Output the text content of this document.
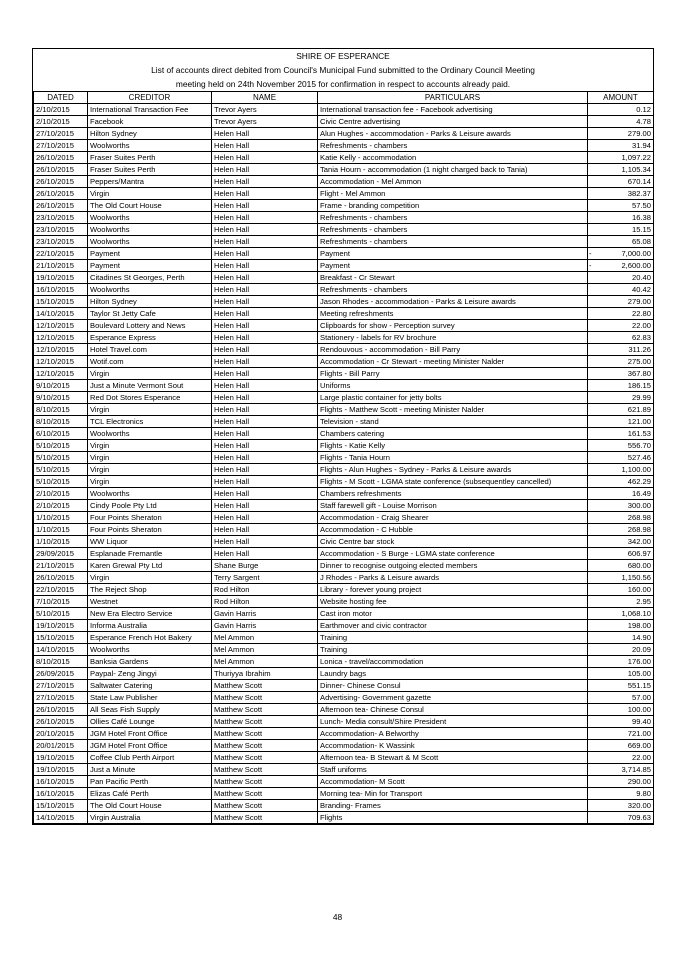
SHIRE OF ESPERANCE
List of accounts direct debited from Council's Municipal Fund submitted to the Ordinary Council Meeting
meeting held on 24th November 2015 for confirmation in respect to accounts already paid.
DATED	CREDITOR	NAME	PARTICULARS	AMOUNT
2/10/2015	International Transaction Fee	Trevor Ayers	International transaction fee - Facebook advertising	0.12
2/10/2015	Facebook	Trevor Ayers	Civic Centre advertising	4.78
27/10/2015	Hilton Sydney	Helen Hall	Alun Hughes - accommodation - Parks & Leisure awards	279.00
27/10/2015	Woolworths	Helen Hall	Refreshments - chambers	31.94
26/10/2015	Fraser Suites Perth	Helen Hall	Katie Kelly - accommodation	1,097.22
26/10/2015	Fraser Suites Perth	Helen Hall	Tania Hourn - accommodation (1 night charged back to Tania)	1,105.34
26/10/2015	Peppers/Mantra	Helen Hall	Accommodation - Mel Ammon	670.14
26/10/2015	Virgin	Helen Hall	Flight - Mel Ammon	382.37
26/10/2015	The Old Court House	Helen Hall	Frame - branding competition	57.50
23/10/2015	Woolworths	Helen Hall	Refreshments - chambers	16.38
23/10/2015	Woolworths	Helen Hall	Refreshments - chambers	15.15
23/10/2015	Woolworths	Helen Hall	Refreshments - chambers	65.08
22/10/2015	Payment	Helen Hall	Payment	- 7,000.00
21/10/2015	Payment	Helen Hall	Payment	- 2,600.00
19/10/2015	Citadines St Georges, Perth	Helen Hall	Breakfast - Cr Stewart	20.40
16/10/2015	Woolworths	Helen Hall	Refreshments - chambers	40.42
15/10/2015	Hilton Sydney	Helen Hall	Jason Rhodes - accommodation - Parks & Leisure awards	279.00
14/10/2015	Taylor St Jetty Cafe	Helen Hall	Meeting refreshments	22.80
12/10/2015	Boulevard Lottery and News	Helen Hall	Clipboards for show - Perception survey	22.00
12/10/2015	Esperance Express	Helen Hall	Stationery - labels for RV brochure	62.83
12/10/2015	Hotel Travel.com	Helen Hall	Rendouvous - accommodation - Bill Parry	311.26
12/10/2015	Wotif.com	Helen Hall	Accommodation - Cr Stewart - meeting Minister Nalder	275.00
12/10/2015	Virgin	Helen Hall	Flights - Bill Parry	367.80
9/10/2015	Just a Minute Vermont Sout	Helen Hall	Uniforms	186.15
9/10/2015	Red Dot Stores Esperance	Helen Hall	Large plastic container for jetty bolts	29.99
8/10/2015	Virgin	Helen Hall	Flights - Matthew Scott - meeting Minister Nalder	621.89
8/10/2015	TCL Electronics	Helen Hall	Television - stand	121.00
6/10/2015	Woolworths	Helen Hall	Chambers catering	161.53
5/10/2015	Virgin	Helen Hall	Flights - Katie Kelly	556.70
5/10/2015	Virgin	Helen Hall	Flights - Tania Hourn	527.46
5/10/2015	Virgin	Helen Hall	Flights - Alun Hughes - Sydney - Parks & Leisure awards	1,100.00
5/10/2015	Virgin	Helen Hall	Flights - M Scott - LGMA state conference (subsequentley cancelled)	462.29
2/10/2015	Woolworths	Helen Hall	Chambers refreshments	16.49
2/10/2015	Cindy Poole Pty Ltd	Helen Hall	Staff farewell gift - Louise Morrison	300.00
1/10/2015	Four Points Sheraton	Helen Hall	Accommodation - Craig Shearer	268.98
1/10/2015	Four Points Sheraton	Helen Hall	Accommodation - C Hubble	268.98
1/10/2015	WW Liquor	Helen Hall	Civic Centre bar stock	342.00
29/09/2015	Esplanade Fremantle	Helen Hall	Accommodation - S Burge - LGMA state conference	606.97
21/10/2015	Karen Grewal Pty Ltd	Shane Burge	Dinner to recognise outgoing elected members	680.00
26/10/2015	Virgin	Terry Sargent	J Rhodes - Parks & Leisure awards	1,150.56
22/10/2015	The Reject Shop	Rod Hilton	Library - forever young project	160.00
7/10/2015	Westnet	Rod Hilton	Website hosting fee	2.95
5/10/2015	New Era Electro Service	Gavin Harris	Cast iron motor	1,068.10
19/10/2015	Informa Australia	Gavin Harris	Earthmover and civic contractor	198.00
15/10/2015	Esperance French Hot Bakery	Mel Ammon	Training	14.90
14/10/2015	Woolworths	Mel Ammon	Training	20.09
8/10/2015	Banksia Gardens	Mel Ammon	Lonica - travel/accommodation	176.00
26/09/2015	Paypal- Zeng Jingyi	Thuriyya Ibrahim	Laundry bags	105.00
27/10/2015	Saltwater Catering	Matthew Scott	Dinner- Chinese Consul	551.15
27/10/2015	State Law Publisher	Matthew Scott	Advertising- Government gazette	57.00
26/10/2015	All Seas Fish Supply	Matthew Scott	Afternoon tea- Chinese Consul	100.00
26/10/2015	Ollies Café Lounge	Matthew Scott	Lunch- Media consult/Shire President	99.40
20/10/2015	JGM Hotel Front Office	Matthew Scott	Accommodation- A Belworthy	721.00
20/01/2015	JGM Hotel Front Office	Matthew Scott	Accommodation- K Wassink	669.00
19/10/2015	Coffee Club Perth Airport	Matthew Scott	Afternoon tea- B Stewart & M Scott	22.00
19/10/2015	Just a Minute	Matthew Scott	Staff uniforms	3,714.85
16/10/2015	Pan Pacific Perth	Matthew Scott	Accommodation- M Scott	290.00
16/10/2015	Elizas Café Perth	Matthew Scott	Morning tea- Min for Transport	9.80
15/10/2015	The Old Court House	Matthew Scott	Branding- Frames	320.00
14/10/2015	Virgin Australia	Matthew Scott	Flights	709.63
48
